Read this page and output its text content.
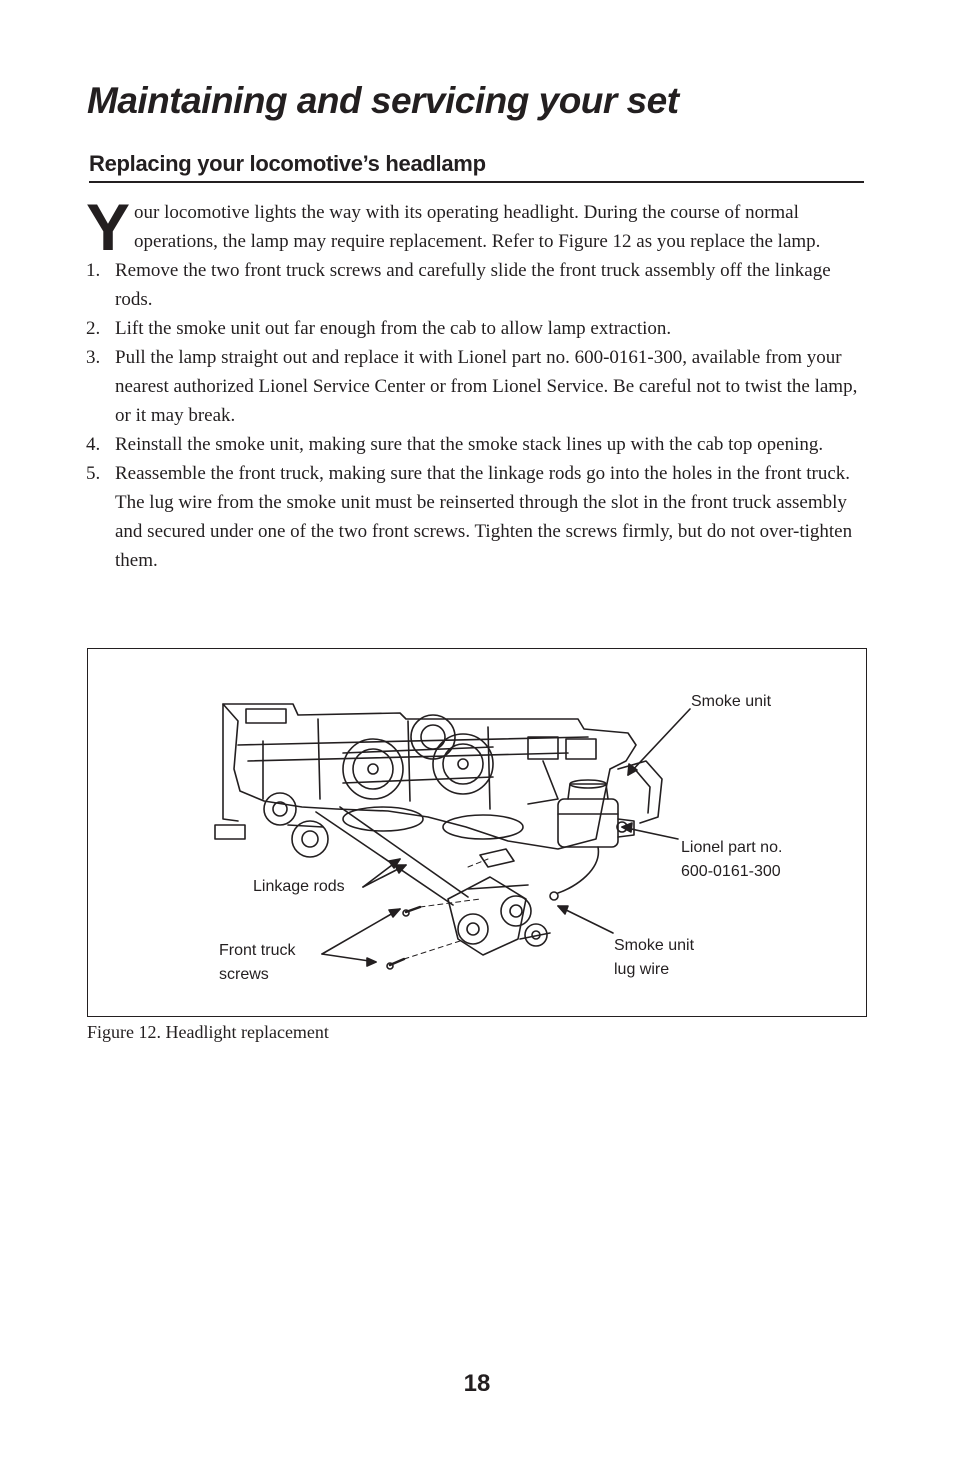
Maintaining and servicing your set
Replacing your locomotive’s headlamp

Your locomotive lights the way with its operating headlight. During the course of normal operations, the lamp may require replacement. Refer to Figure 12 as you replace the lamp.

1. Remove the two front truck screws and carefully slide the front truck assembly off the linkage rods.
2. Lift the smoke unit out far enough from the cab to allow lamp extraction.
3. Pull the lamp straight out and replace it with Lionel part no. 600-0161-300, available from your nearest authorized Lionel Service Center or from Lionel Service. Be careful not to twist the lamp, or it may break.
4. Reinstall the smoke unit, making sure that the smoke stack lines up with the cab top opening.
5. Reassemble the front truck, making sure that the linkage rods go into the holes in the front truck. The lug wire from the smoke unit must be reinserted through the slot in the front truck assembly and secured under one of the two front screws. Tighten the screws firmly, but do not over-tighten them.

Smoke unit

Lionel part no.

600-0161-300

Linkage rods

Front truck

screws

Smoke unit

lug wire

Figure 12. Headlight replacement

18
